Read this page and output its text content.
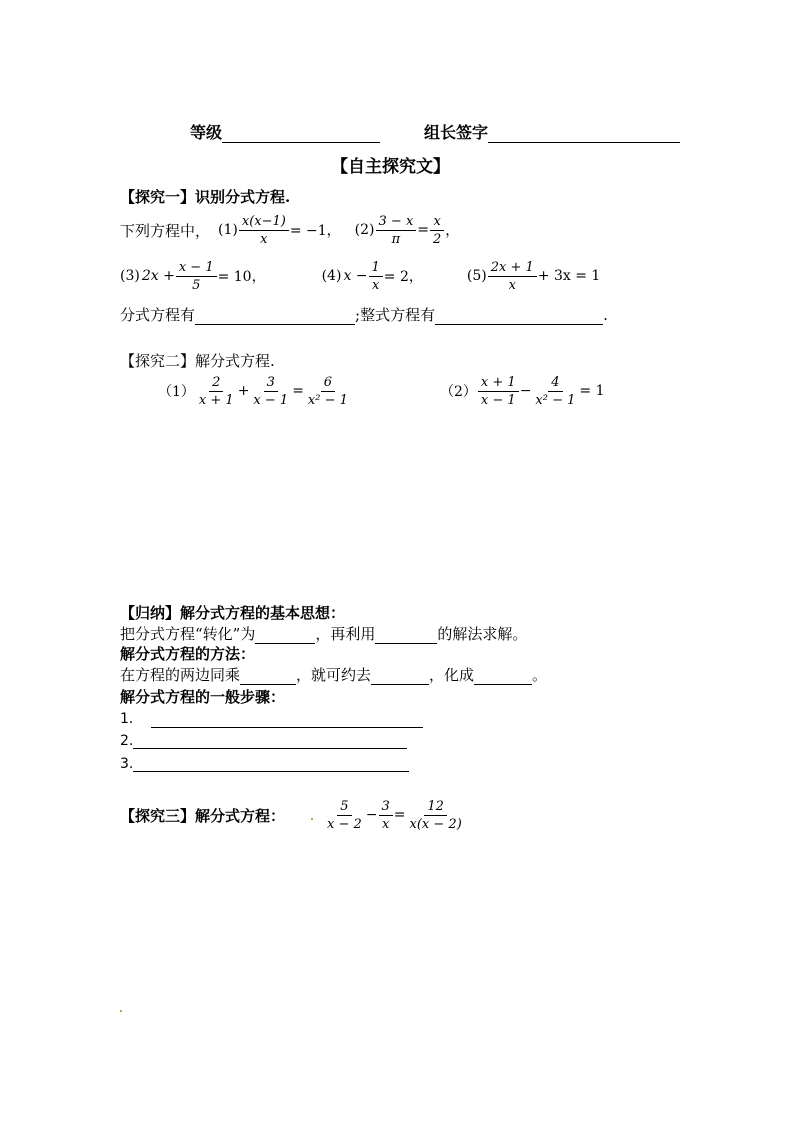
等级	组长签字
【自主探究文】
【探究一】识别分式方程.
下列方程中， $(1) \frac{x(x-1)}{x} = -1$， $(2) \frac{3 - x}{\pi} = \frac{x}{2}$ ，
(3) $2x + \frac{x - 1}{5} = 10$，	(4) $x - \frac{1}{x} = 2$，	$(5) \frac{2x + 1}{x} + 3x = 1$
分式方程有	;整式方程有	.
【探究二】解分式方程.
$(1) \frac{2}{x + 1} + \frac{3}{x - 1} = \frac{6}{\text{x² − 1}}$	$(2) \frac{x + 1}{x - 1} - \frac{4}{\text{x² − 1}} = 1$
【归纳】解分式方程的基本思想：
把分式方程“转化”为	，再利用	的解法求解。
解分式方程的方法：
在方程的两边同乘	，就可约去	，化成	。
解分式方程的一般步骤：
1．
2.
3.
【探究三】解分式方程：	$\frac{5}{x - 2} - \frac{3}{x} = \frac{12}{x(x - 2)}$
